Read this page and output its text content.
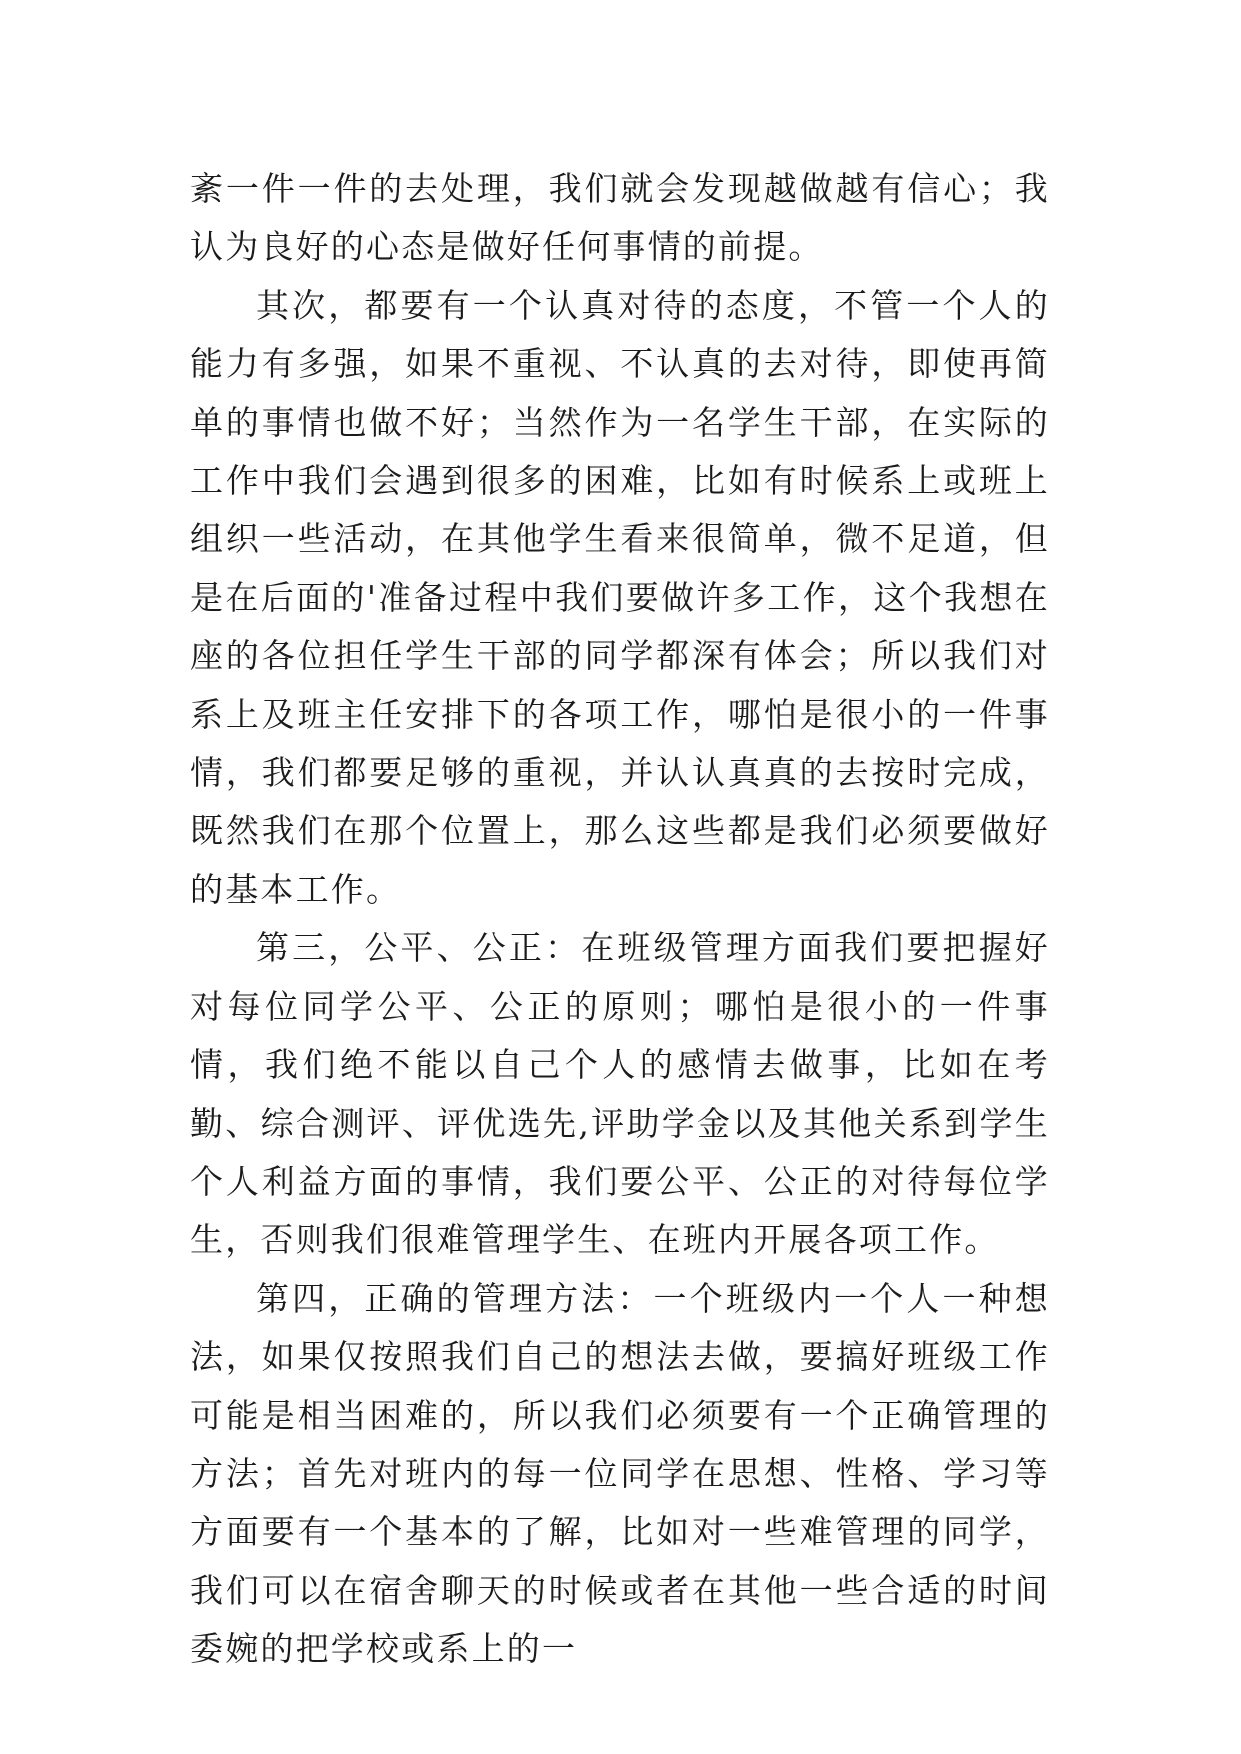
紊一件一件的去处理，我们就会发现越做越有信心；我认为良好的心态是做好任何事情的前提。

其次，都要有一个认真对待的态度，不管一个人的能力有多强，如果不重视、不认真的去对待，即使再简单的事情也做不好；当然作为一名学生干部，在实际的工作中我们会遇到很多的困难，比如有时候系上或班上组织一些活动，在其他学生看来很简单，微不足道，但是在后面的'准备过程中我们要做许多工作，这个我想在座的各位担任学生干部的同学都深有体会；所以我们对系上及班主任安排下的各项工作，哪怕是很小的一件事情，我们都要足够的重视，并认认真真的去按时完成，既然我们在那个位置上，那么这些都是我们必须要做好的基本工作。

第三，公平、公正：在班级管理方面我们要把握好对每位同学公平、公正的原则；哪怕是很小的一件事情，我们绝不能以自己个人的感情去做事，比如在考勤、综合测评、评优选先,评助学金以及其他关系到学生个人利益方面的事情，我们要公平、公正的对待每位学生，否则我们很难管理学生、在班内开展各项工作。

第四，正确的管理方法：一个班级内一个人一种想法，如果仅按照我们自己的想法去做，要搞好班级工作可能是相当困难的，所以我们必须要有一个正确管理的方法；首先对班内的每一位同学在思想、性格、学习等方面要有一个基本的了解，比如对一些难管理的同学，我们可以在宿舍聊天的时候或者在其他一些合适的时间委婉的把学校或系上的一
